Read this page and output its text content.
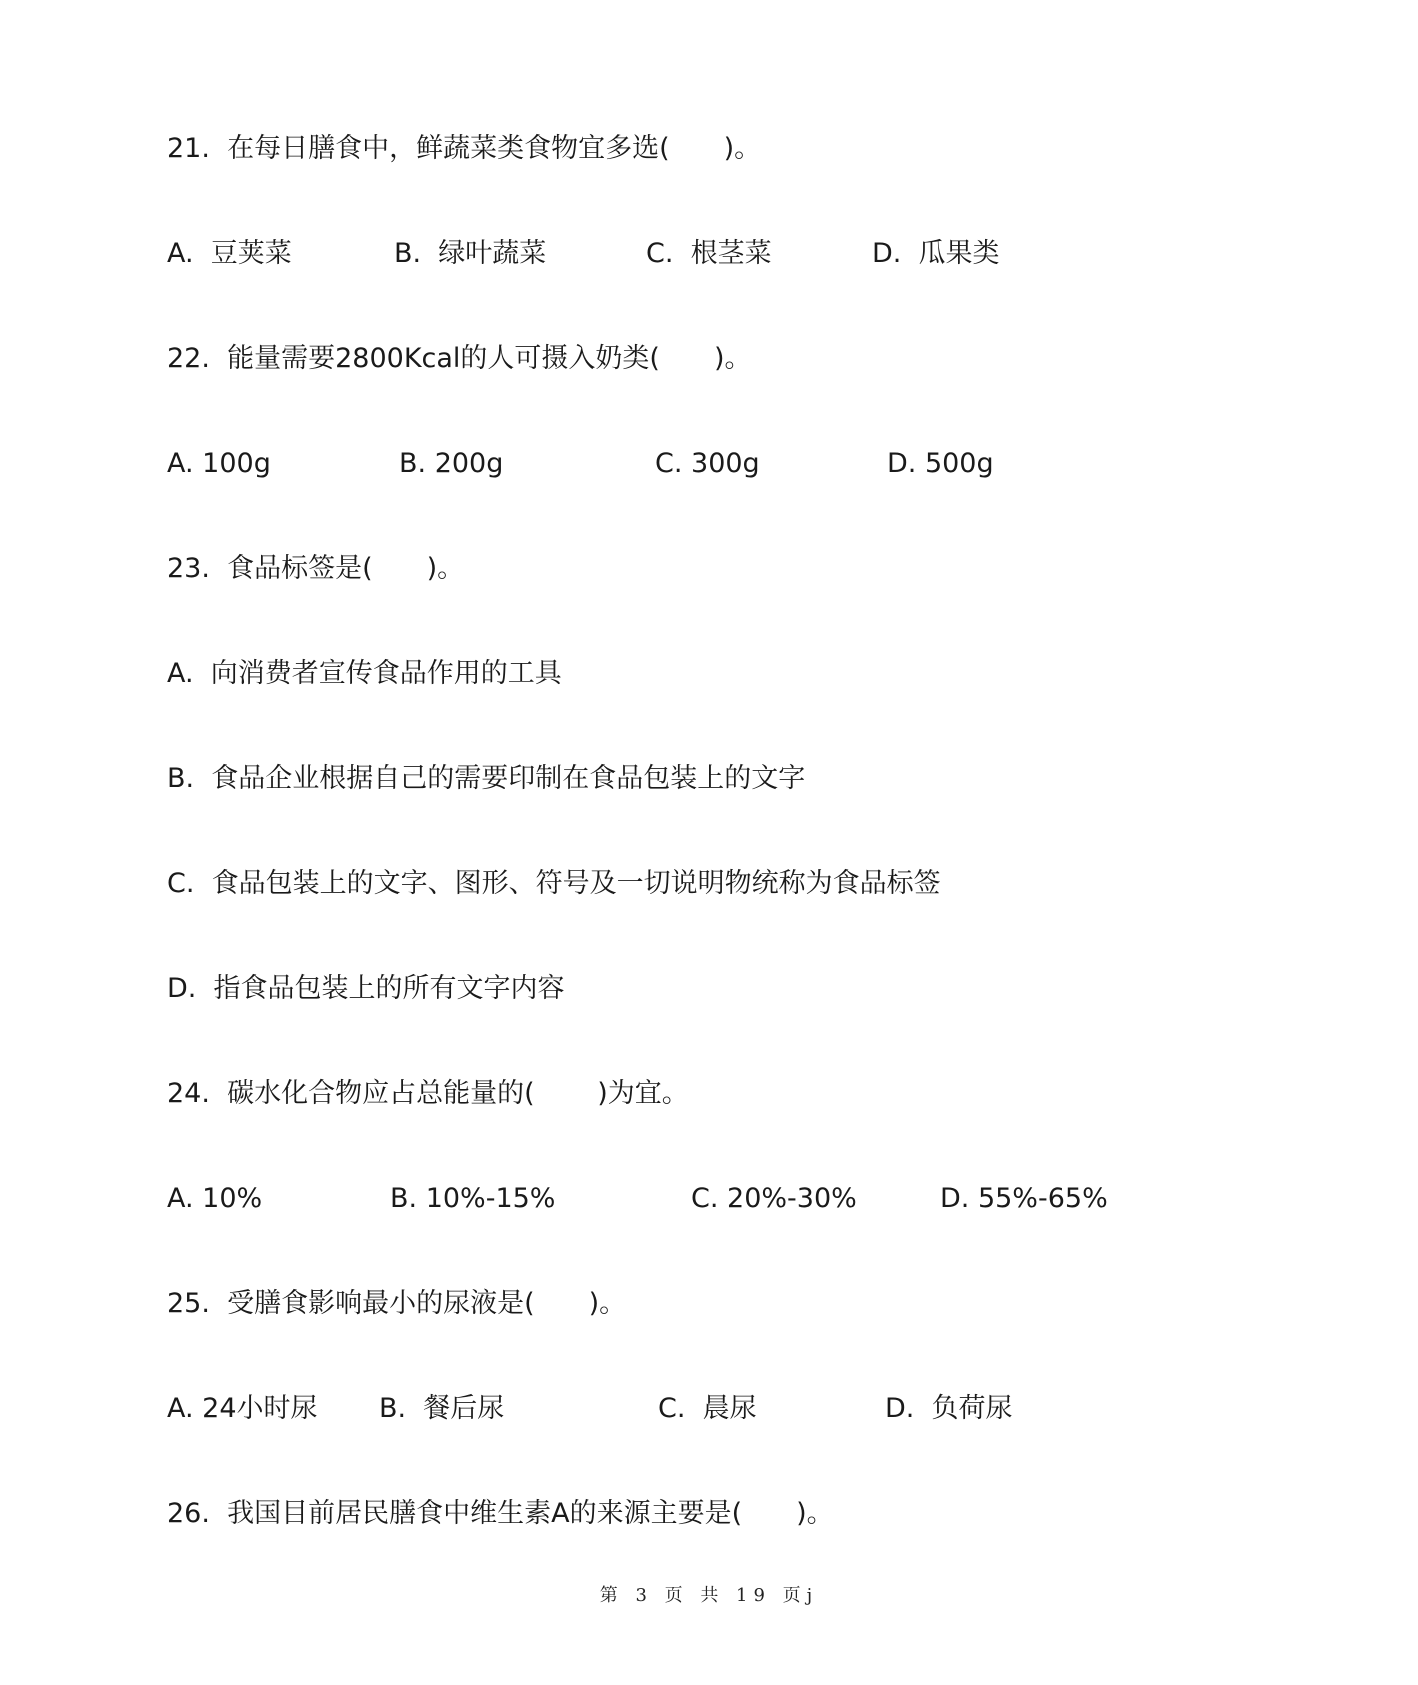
21.  在每日膳食中，鲜蔬菜类食物宜多选(　　)。
A.  豆荚菜	B.  绿叶蔬菜	C.  根茎菜	D.  瓜果类
22.  能量需要2800Kcal的人可摄入奶类(　　)。
A. 100g	B. 200g	C. 300g	D. 500g
23.  食品标签是(　　)。
A.  向消费者宣传食品作用的工具
B.  食品企业根据自己的需要印制在食品包装上的文字
C.  食品包装上的文字、图形、符号及一切说明物统称为食品标签
D.  指食品包装上的所有文字内容
24.  碳水化合物应占总能量的(　　 )为宜。
A. 10%	B. 10%-15%	C. 20%-30%	D. 55%-65%
25.  受膳食影响最小的尿液是(　　)。
A. 24小时尿 B.  餐后尿	C.  晨尿	D.  负荷尿
26.  我国目前居民膳食中维生素A的来源主要是(　　)。
第 3 页 共 19 页j
